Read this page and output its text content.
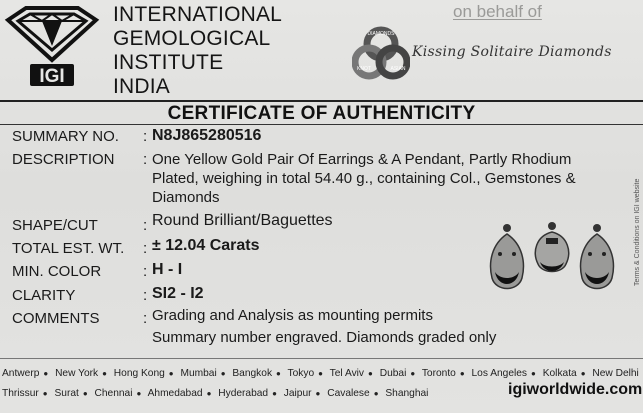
IGI
INTERNATIONAL
GEMOLOGICAL
INSTITUTE
INDIA
on behalf of
DIAMONDS
KNOT	ASIAN
Kissing Solitaire Diamonds
CERTIFICATE OF AUTHENTICITY
SUMMARY NO. : N8J865280516
DESCRIPTION : One Yellow Gold Pair Of Earrings & A Pendant, Partly Rhodium Plated, weighing in total 54.40 g., containing Col., Gemstones & Diamonds
SHAPE/CUT	: Round Brilliant/Baguettes
TOTAL EST. WT. : ± 12.04 Carats
MIN. COLOR	: H - I
CLARITY	: SI2 - I2
COMMENTS	: Grading and Analysis as mounting permits
Summary number engraved. Diamonds graded only
Terms & Conditions on IGI website
Antwerp ● New York ● Hong Kong ● Mumbai ● Bangkok ● Tokyo ● Tel Aviv ● Dubai ● Toronto ● Los Angeles ● Kolkata ● New Delhi
Thrissur ● Surat ● Chennai ● Ahmedabad ● Hyderabad ● Jaipur ● Cavalese ● Shanghai	igiworldwide.com
